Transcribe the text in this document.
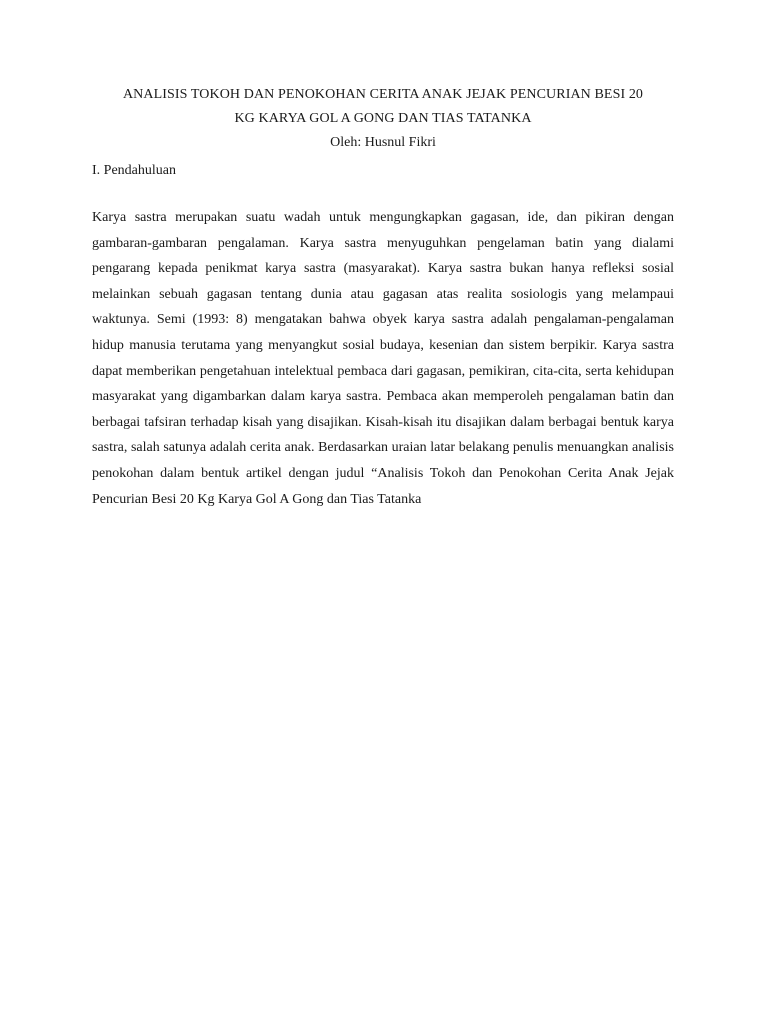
ANALISIS TOKOH DAN PENOKOHAN CERITA ANAK JEJAK PENCURIAN BESI 20

KG KARYA GOL A GONG DAN TIAS TATANKA

Oleh: Husnul Fikri

I. Pendahuluan

Karya sastra merupakan suatu wadah untuk mengungkapkan gagasan, ide, dan pikiran dengan gambaran-gambaran pengalaman. Karya sastra menyuguhkan pengelaman batin yang dialami pengarang kepada penikmat karya sastra (masyarakat). Karya sastra bukan hanya refleksi sosial melainkan sebuah gagasan tentang dunia atau gagasan atas realita sosiologis yang melampaui waktunya. Semi (1993: 8) mengatakan bahwa obyek karya sastra adalah pengalaman-pengalaman hidup manusia terutama yang menyangkut sosial budaya, kesenian dan sistem berpikir. Karya sastra dapat memberikan pengetahuan intelektual pembaca dari gagasan, pemikiran, cita-cita, serta kehidupan masyarakat yang digambarkan dalam karya sastra. Pembaca akan memperoleh pengalaman batin dan berbagai tafsiran terhadap kisah yang disajikan. Kisah-kisah itu disajikan dalam berbagai bentuk karya sastra, salah satunya adalah cerita anak. Berdasarkan uraian latar belakang penulis menuangkan analisis penokohan dalam bentuk artikel dengan judul “Analisis Tokoh dan Penokohan Cerita Anak Jejak Pencurian Besi 20 Kg Karya Gol A Gong dan Tias Tatanka
